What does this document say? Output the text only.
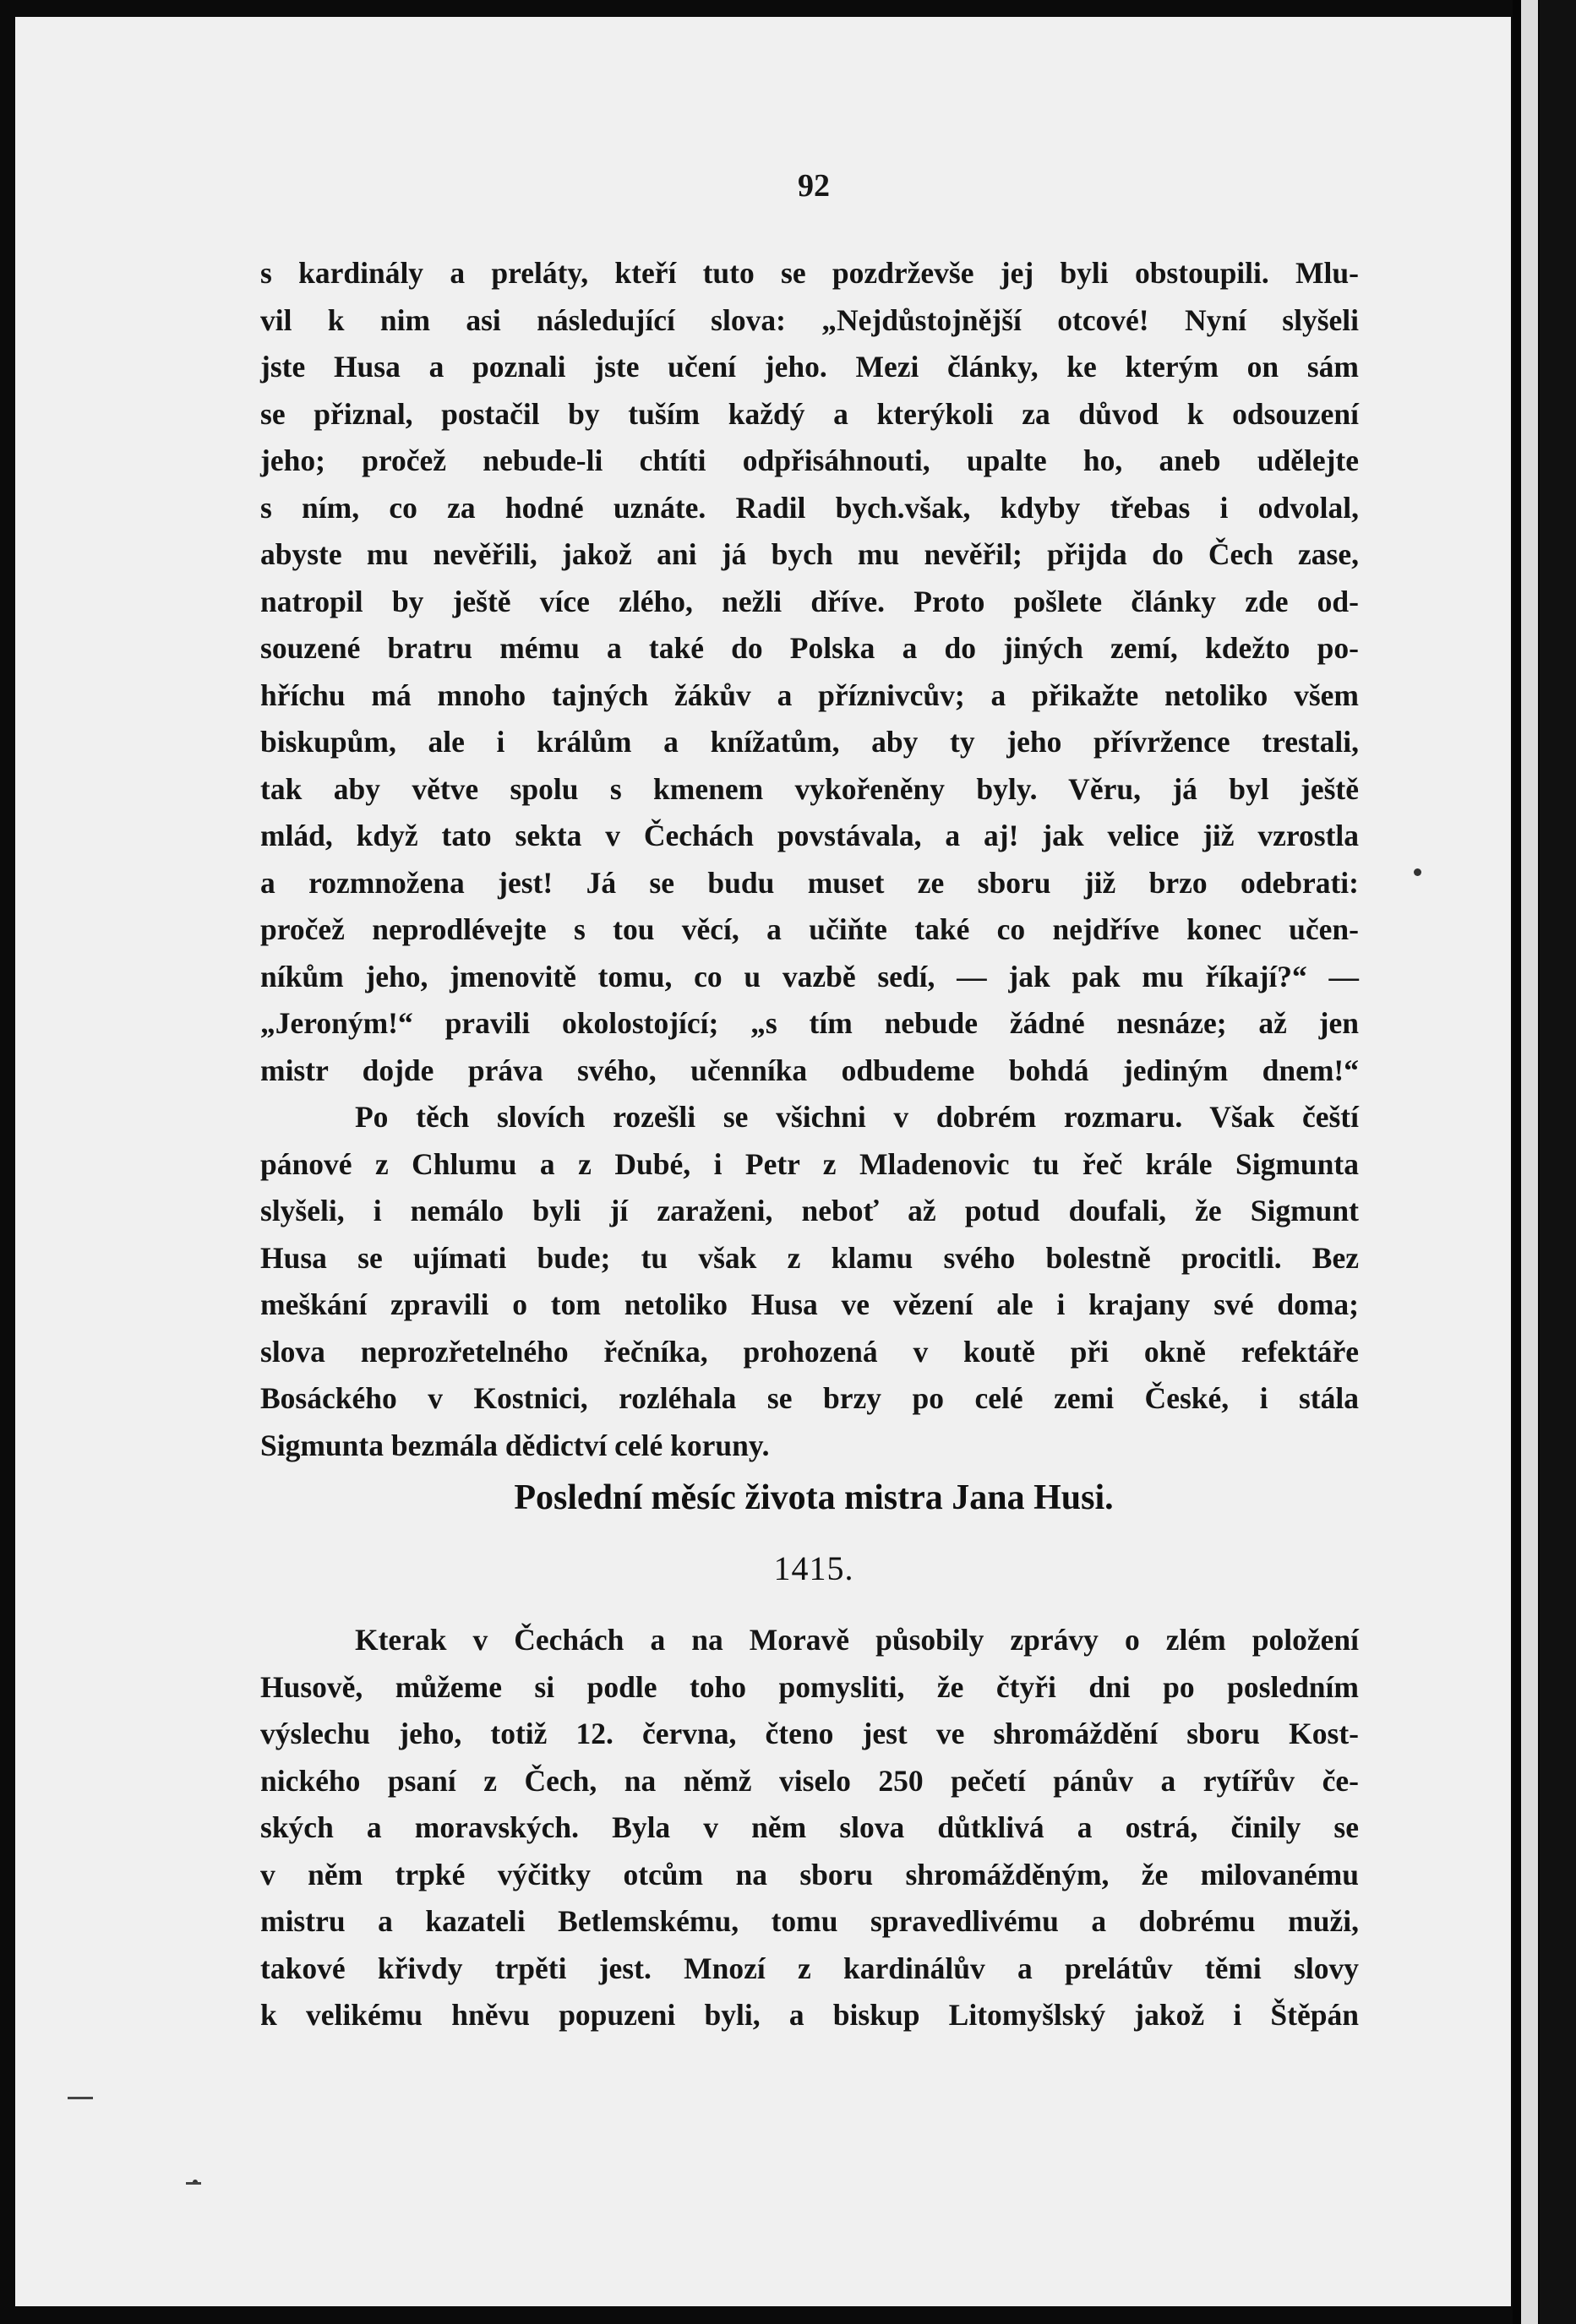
92
s kardinály a preláty, kteří tuto se pozdrževše jej byli obstoupili. Mlu-
vil k nim asi následující slova: „Nejdůstojnější otcové! Nyní slyšeli
jste Husa a poznali jste učení jeho. Mezi články, ke kterým on sám
se přiznal, postačil by tuším každý a kterýkoli za důvod k odsouzení
jeho; pročež nebude-li chtíti odpřisáhnouti, upalte ho, aneb udělejte
s ním, co za hodné uznáte. Radil bych.však, kdyby třebas i odvolal,
abyste mu nevěřili, jakož ani já bych mu nevěřil; přijda do Čech zase,
natropil by ještě více zlého, nežli dříve. Proto pošlete články zde od-
souzené bratru mému a také do Polska a do jiných zemí, kdežto po-
hříchu má mnoho tajných žákův a příznivcův; a přikažte netoliko všem
biskupům, ale i králům a knížatům, aby ty jeho přívržence trestali,
tak aby větve spolu s kmenem vykořeněny byly. Věru, já byl ještě
mlád, když tato sekta v Čechách povstávala, a aj! jak velice již vzrostla
a rozmnožena jest! Já se budu muset ze sboru již brzo odebrati:
pročež neprodlévejte s tou věcí, a učiňte také co nejdříve konec učen-
níkům jeho, jmenovitě tomu, co u vazbě sedí, — jak pak mu říkají?“ —
„Jeroným!“ pravili okolostojící; „s tím nebude žádné nesnáze; až jen
mistr dojde práva svého, učenníka odbudeme bohdá jediným dnem!“
Po těch slovích rozešli se všichni v dobrém rozmaru. Však čeští
pánové z Chlumu a z Dubé, i Petr z Mladenovic tu řeč krále Sigmunta
slyšeli, i nemálo byli jí zaraženi, neboť až potud doufali, že Sigmunt
Husa se ujímati bude; tu však z klamu svého bolestně procitli. Bez
meškání zpravili o tom netoliko Husa ve vězení ale i krajany své doma;
slova neprozřetelného řečníka, prohozená v koutě při okně refektáře
Bosáckého v Kostnici, rozléhala se brzy po celé zemi České, i stála
Sigmunta bezmála dědictví celé koruny.
Poslední měsíc života mistra Jana Husi.
1415.
Kterak v Čechách a na Moravě působily zprávy o zlém položení
Husově, můžeme si podle toho pomysliti, že čtyři dni po posledním
výslechu jeho, totiž 12. června, čteno jest ve shromáždění sboru Kost-
nického psaní z Čech, na němž viselo 250 pečetí pánův a rytířův če-
ských a moravských. Byla v něm slova důtklivá a ostrá, činily se
v něm trpké výčitky otcům na sboru shromážděným, že milovanému
mistru a kazateli Betlemskému, tomu spravedlivému a dobrému muži,
takové křivdy trpěti jest. Mnozí z kardinálův a prelátův těmi slovy
k velikému hněvu popuzeni byli, a biskup Litomyšlský jakož i Štěpán
